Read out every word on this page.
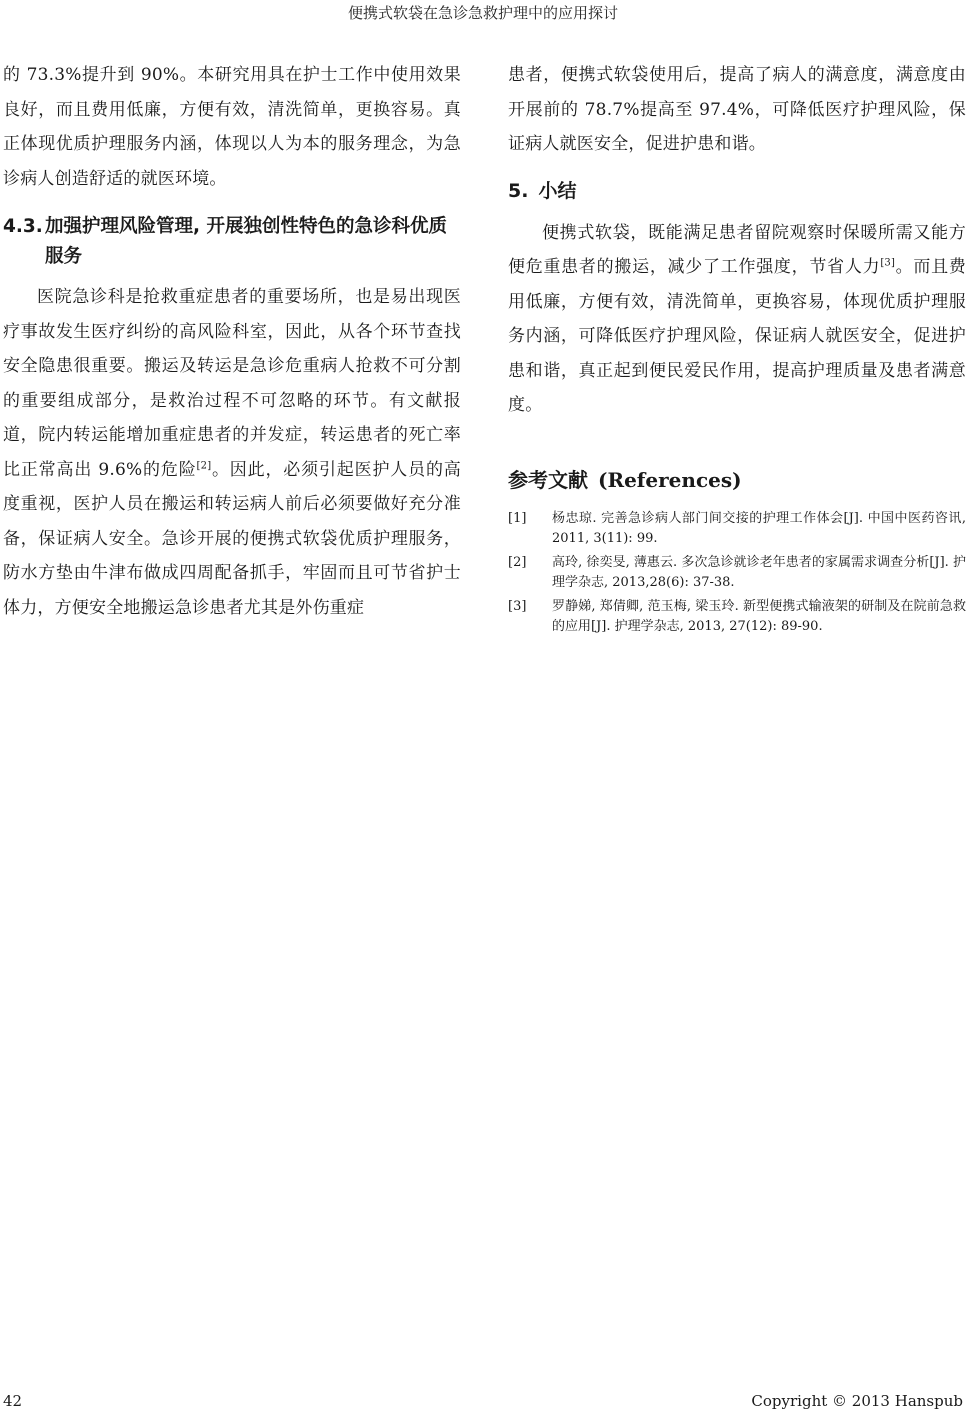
便携式软袋在急诊急救护理中的应用探讨

的 73.3%提升到 90%。本研究用具在护士工作中使用效果良好，而且费用低廉，方便有效，清洗简单，更换容易。真正体现优质护理服务内涵，体现以人为本的服务理念，为急诊病人创造舒适的就医环境。

4.3. 加强护理风险管理, 开展独创性特色的急诊科优质服务

医院急诊科是抢救重症患者的重要场所，也是易出现医疗事故发生医疗纠纷的高风险科室，因此，从各个环节查找安全隐患很重要。搬运及转运是急诊危重病人抢救不可分割的重要组成部分，是救治过程不可忽略的环节。有文献报道，院内转运能增加重症患者的并发症，转运患者的死亡率比正常高出 9.6%的危险[2]。因此，必须引起医护人员的高度重视，医护人员在搬运和转运病人前后必须要做好充分准备，保证病人安全。急诊开展的便携式软袋优质护理服务，防水方垫由牛津布做成四周配备抓手，牢固而且可节省护士体力，方便安全地搬运急诊患者尤其是外伤重症

患者，便携式软袋使用后，提高了病人的满意度，满意度由开展前的 78.7%提高至 97.4%，可降低医疗护理风险，保证病人就医安全，促进护患和谐。

5. 小结

便携式软袋，既能满足患者留院观察时保暖所需又能方便危重患者的搬运，减少了工作强度，节省人力[3]。而且费用低廉，方便有效，清洗简单，更换容易，体现优质护理服务内涵，可降低医疗护理风险，保证病人就医安全，促进护患和谐，真正起到便民爱民作用，提高护理质量及患者满意度。

参考文献 (References)
[1] 杨忠琼. 完善急诊病人部门间交接的护理工作体会[J]. 中国中医药咨讯, 2011, 3(11): 99.
[2] 高玲, 徐奕旻, 薄惠云. 多次急诊就诊老年患者的家属需求调查分析[J]. 护理学杂志, 2013,28(6): 37-38.
[3] 罗静娣, 郑倩卿, 范玉梅, 梁玉玲. 新型便携式输液架的研制及在院前急救的应用[J]. 护理学杂志, 2013, 27(12): 89-90.
42	Copyright © 2013 Hanspub
